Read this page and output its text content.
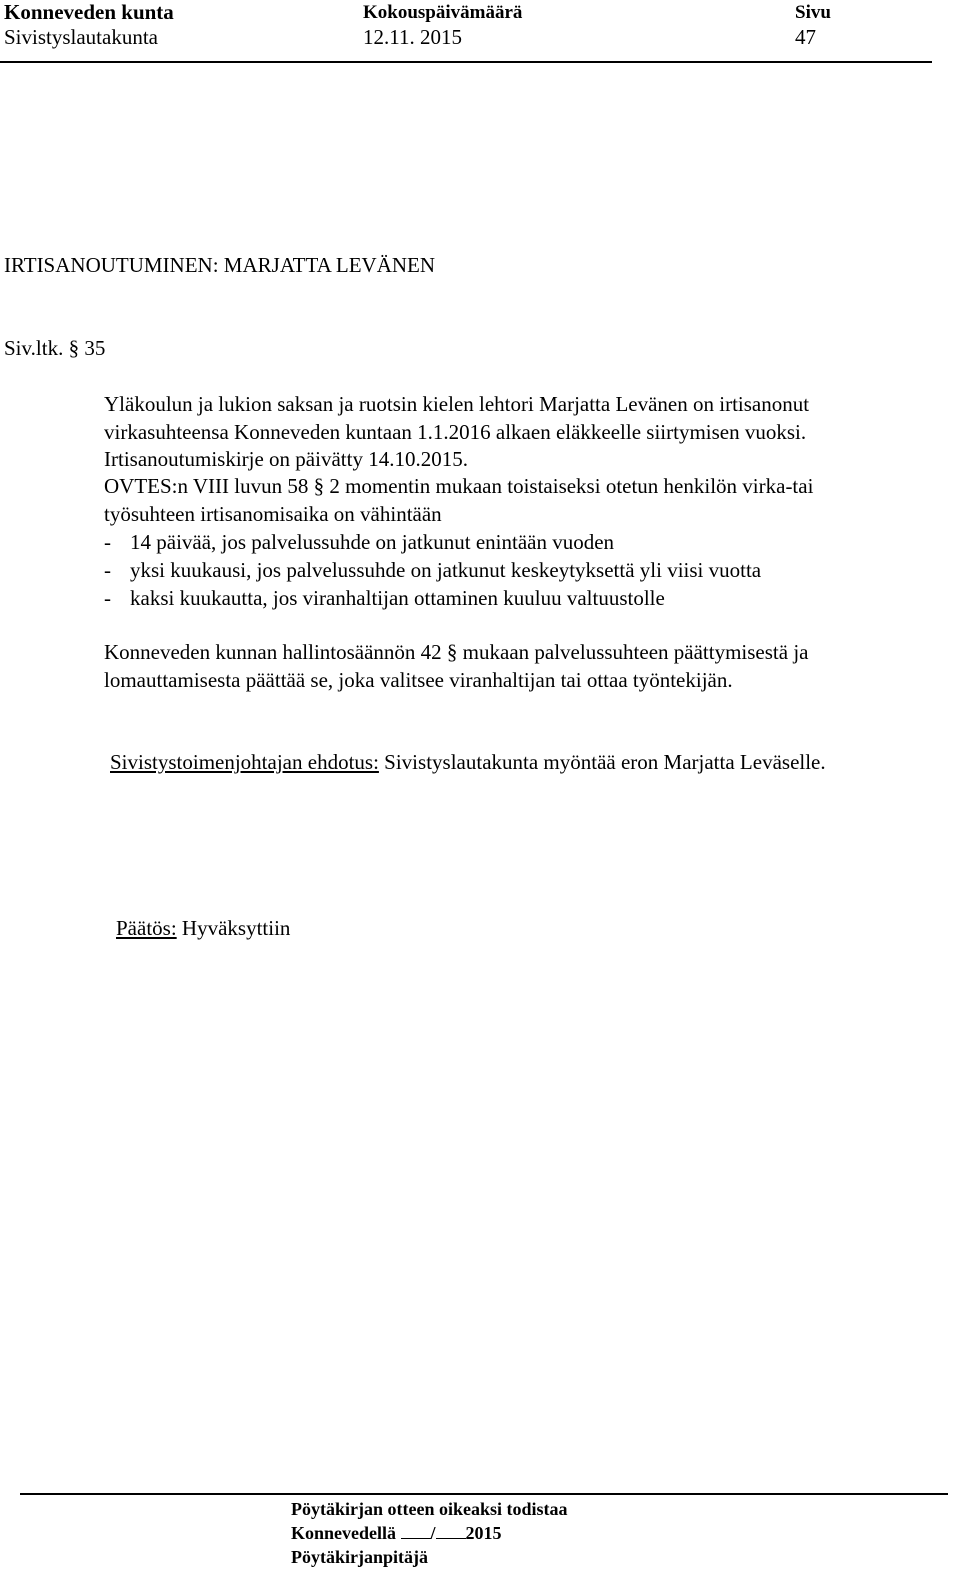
Konneveden kunta	Kokouspäivämäärä	Sivu
Sivistyslautakunta	12.11. 2015	47
IRTISANOUTUMINEN: MARJATTA LEVÄNEN
Siv.ltk. § 35
Yläkoulun ja lukion saksan ja ruotsin kielen lehtori Marjatta Levänen on irtisanonut
virkasuhteensa Konneveden kuntaan 1.1.2016 alkaen eläkkeelle siirtymisen vuoksi.
Irtisanoutumiskirje on päivätty 14.10.2015.
OVTES:n VIII luvun 58 § 2 momentin mukaan toistaiseksi otetun henkilön virka-tai
työsuhteen irtisanomisaika on vähintään
- 14 päivää, jos palvelussuhde on jatkunut enintään vuoden
- yksi kuukausi, jos palvelussuhde on jatkunut keskeytyksettä yli viisi vuotta
- kaksi kuukautta, jos viranhaltijan ottaminen kuuluu valtuustolle
Konneveden kunnan hallintosäännön 42 § mukaan palvelussuhteen päättymisestä ja
lomauttamisesta päättää se, joka valitsee viranhaltijan tai ottaa työntekijän.
Sivistystoimenjohtajan ehdotus: Sivistyslautakunta myöntää eron Marjatta Leväselle.
Päätös: Hyväksyttiin
Pöytäkirjan otteen oikeaksi todistaa
Konnevedellä / 2015
Pöytäkirjanpitäjä
